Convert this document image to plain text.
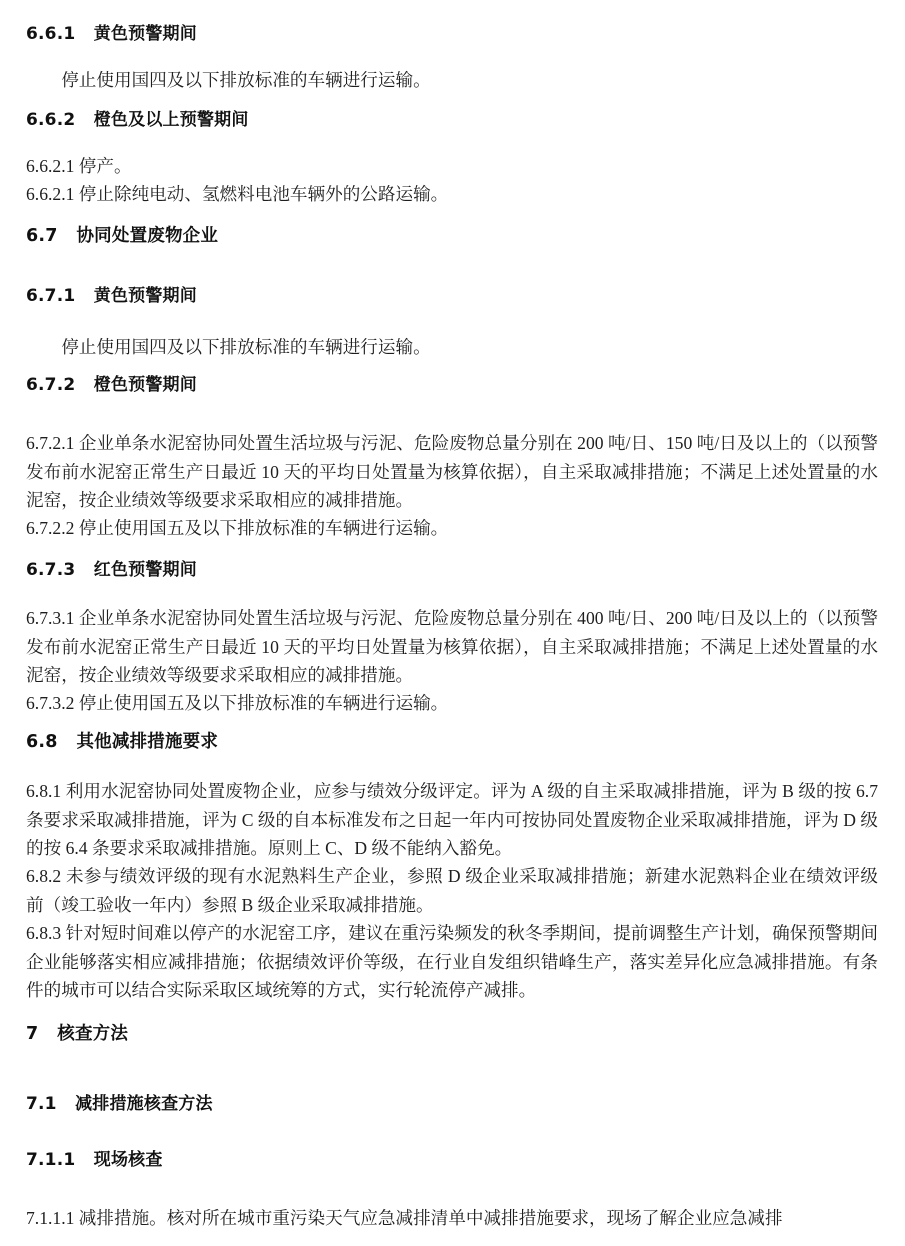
6.6.1   黄色预警期间
停止使用国四及以下排放标准的车辆进行运输。
6.6.2   橙色及以上预警期间
6.6.2.1 停产。
6.6.2.1 停止除纯电动、氢燃料电池车辆外的公路运输。
6.7   协同处置废物企业
6.7.1   黄色预警期间
停止使用国四及以下排放标准的车辆进行运输。
6.7.2   橙色预警期间
6.7.2.1 企业单条水泥窑协同处置生活垃圾与污泥、危险废物总量分别在 200 吨/日、150 吨/日及以上的（以预警发布前水泥窑正常生产日最近 10 天的平均日处置量为核算依据），自主采取减排措施；不满足上述处置量的水泥窑，按企业绩效等级要求采取相应的减排措施。
6.7.2.2 停止使用国五及以下排放标准的车辆进行运输。
6.7.3   红色预警期间
6.7.3.1 企业单条水泥窑协同处置生活垃圾与污泥、危险废物总量分别在 400 吨/日、200 吨/日及以上的（以预警发布前水泥窑正常生产日最近 10 天的平均日处置量为核算依据），自主采取减排措施；不满足上述处置量的水泥窑，按企业绩效等级要求采取相应的减排措施。
6.7.3.2 停止使用国五及以下排放标准的车辆进行运输。
6.8   其他减排措施要求
6.8.1 利用水泥窑协同处置废物企业，应参与绩效分级评定。评为 A 级的自主采取减排措施，评为 B 级的按 6.7 条要求采取减排措施，评为 C 级的自本标准发布之日起一年内可按协同处置废物企业采取减排措施，评为 D 级的按 6.4 条要求采取减排措施。原则上 C、D 级不能纳入豁免。
6.8.2 未参与绩效评级的现有水泥熟料生产企业，参照 D 级企业采取减排措施；新建水泥熟料企业在绩效评级前（竣工验收一年内）参照 B 级企业采取减排措施。
6.8.3 针对短时间难以停产的水泥窑工序，建议在重污染频发的秋冬季期间，提前调整生产计划，确保预警期间企业能够落实相应减排措施；依据绩效评价等级，在行业自发组织错峰生产，落实差异化应急减排措施。有条件的城市可以结合实际采取区域统筹的方式，实行轮流停产减排。
7   核查方法
7.1   减排措施核查方法
7.1.1   现场核查
7.1.1.1 减排措施。核对所在城市重污染天气应急减排清单中减排措施要求，现场了解企业应急减排
